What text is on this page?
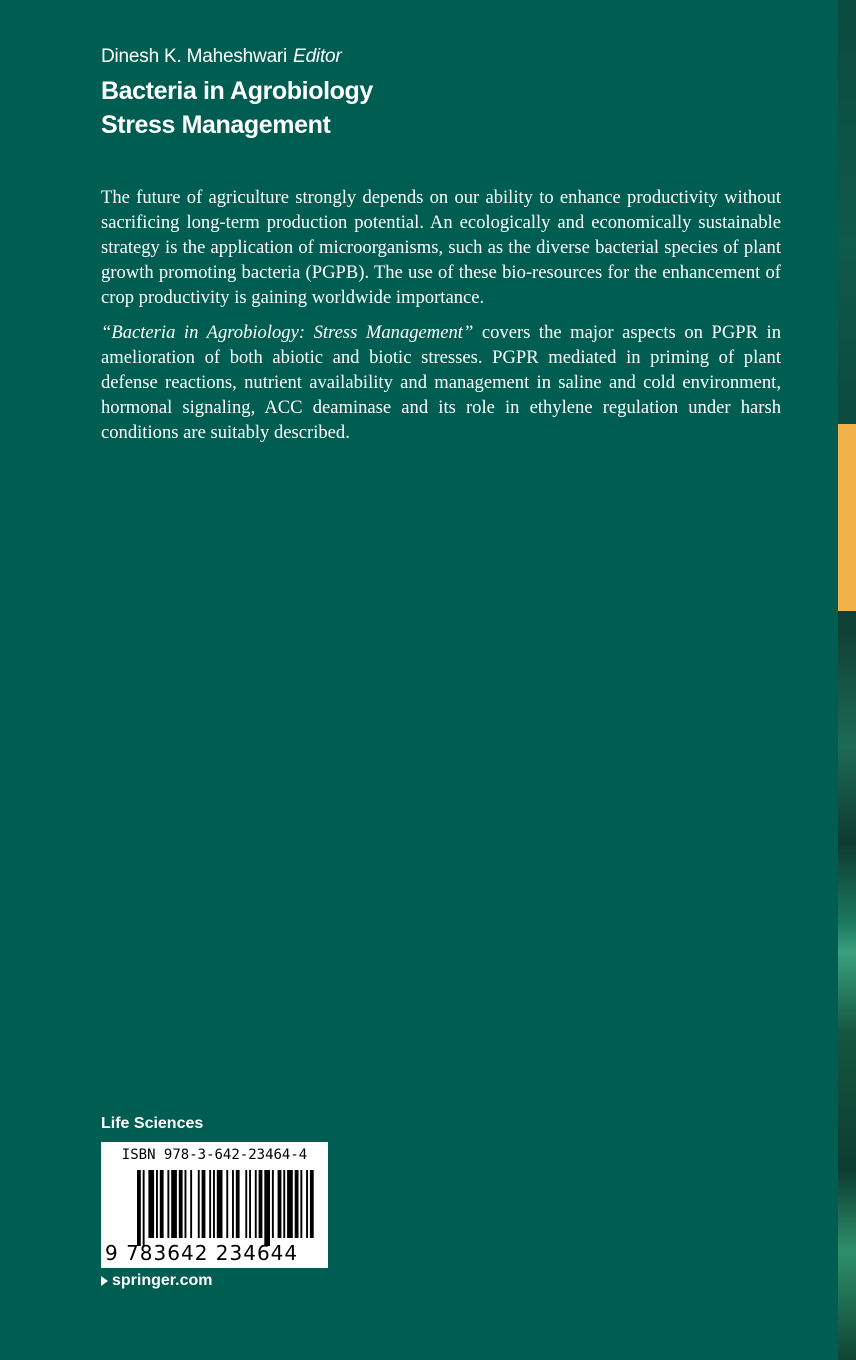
Dinesh K. Maheshwari Editor
Bacteria in Agrobiology
Stress Management

The future of agriculture strongly depends on our ability to enhance productivity without sacrificing long-term production potential. An ecologically and economically sustainable strategy is the application of microorganisms, such as the diverse bacterial species of plant growth promoting bacteria (PGPB). The use of these bio-resources for the enhancement of crop productivity is gaining worldwide importance.

“Bacteria in Agrobiology: Stress Management” covers the major aspects on PGPR in amelioration of both abiotic and biotic stresses. PGPR mediated in priming of plant defense reactions, nutrient availability and management in saline and cold environment, hormonal signaling, ACC deaminase and its role in ethylene regulation under harsh conditions are suitably described.

Life Sciences
ISBN 978-3-642-23464-4
9 783642 234644
springer.com
